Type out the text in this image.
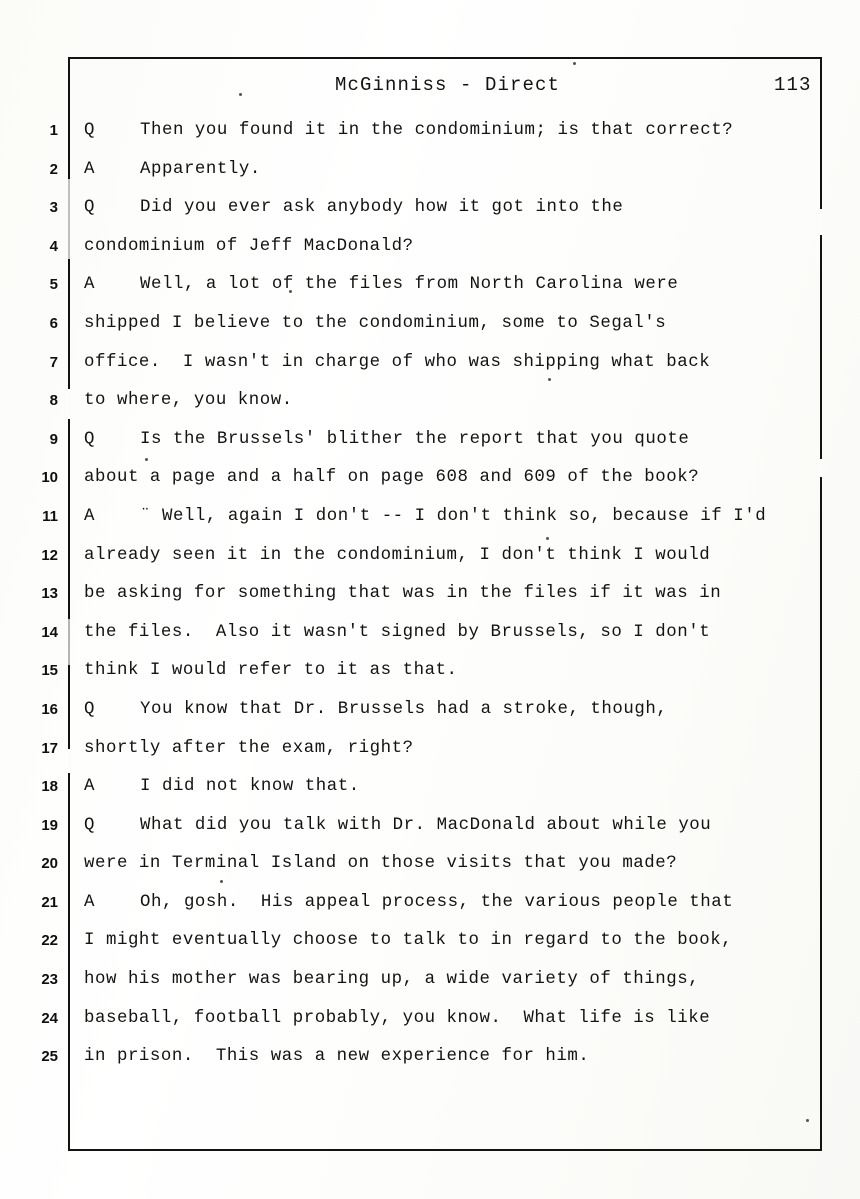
McGinniss - Direct	113
1
2
3
4
5
6
7
8
9
10
11
12
13
14
15
16
17
18
19
20
21
22
23
24
25
Q	Then you found it in the condominium; is that correct?
A	Apparently.
Q	Did you ever ask anybody how it got into the
condominium of Jeff MacDonald?
A	Well, a lot of the files from North Carolina were
shipped I believe to the condominium, some to Segal's
office.  I wasn't in charge of who was shipping what back
to where, you know.
Q	Is the Brussels' blither the report that you quote
about a page and a half on page 608 and 609 of the book?
A	¨ Well, again I don't -- I don't think so, because if I'd
already seen it in the condominium, I don't think I would
be asking for something that was in the files if it was in
the files.  Also it wasn't signed by Brussels, so I don't
think I would refer to it as that.
Q	You know that Dr. Brussels had a stroke, though,
shortly after the exam, right?
A	I did not know that.
Q	What did you talk with Dr. MacDonald about while you
were in Terminal Island on those visits that you made?
A	Oh, gosh.  His appeal process, the various people that
I might eventually choose to talk to in regard to the book,
how his mother was bearing up, a wide variety of things,
baseball, football probably, you know.  What life is like
in prison.  This was a new experience for him.
